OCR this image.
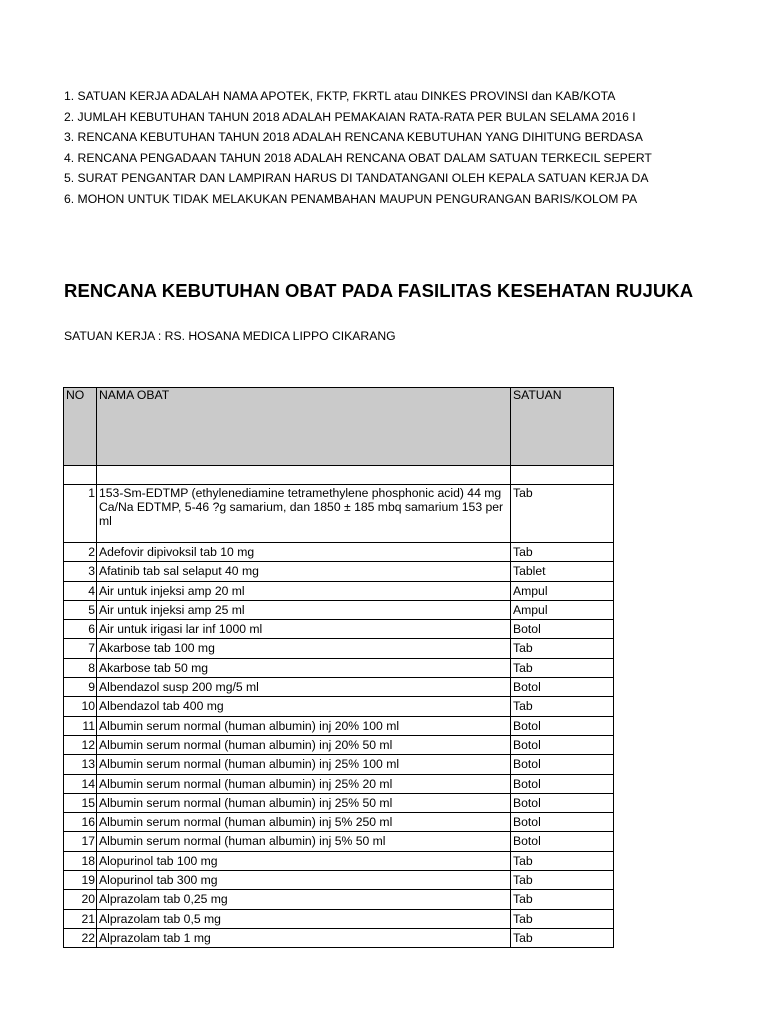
1. SATUAN KERJA ADALAH NAMA APOTEK, FKTP, FKRTL atau DINKES PROVINSI dan KAB/KOTA
2. JUMLAH KEBUTUHAN TAHUN 2018 ADALAH PEMAKAIAN RATA-RATA PER BULAN SELAMA 2016 I
3. RENCANA KEBUTUHAN TAHUN 2018 ADALAH RENCANA KEBUTUHAN YANG DIHITUNG BERDASA
4. RENCANA PENGADAAN TAHUN 2018 ADALAH RENCANA OBAT DALAM SATUAN TERKECIL SEPERT
5. SURAT PENGANTAR DAN LAMPIRAN HARUS DI TANDATANGANI OLEH KEPALA SATUAN KERJA DA
6. MOHON UNTUK TIDAK MELAKUKAN PENAMBAHAN MAUPUN PENGURANGAN BARIS/KOLOM PA
RENCANA KEBUTUHAN OBAT PADA FASILITAS KESEHATAN RUJUKA
SATUAN KERJA : RS. HOSANA MEDICA LIPPO CIKARANG
NO	NAMA OBAT	SATUAN

1	153-Sm-EDTMP (ethylenediamine tetramethylene phosphonic acid) 44 mg Ca/Na EDTMP, 5-46 ?g samarium, dan 1850 ± 185 mbq samarium 153 per ml	Tab
2	Adefovir dipivoksil tab 10 mg	Tab
3	Afatinib tab sal selaput 40 mg	Tablet
4	Air untuk injeksi amp 20 ml	Ampul
5	Air untuk injeksi amp 25 ml	Ampul
6	Air untuk irigasi lar inf 1000 ml	Botol
7	Akarbose tab 100 mg	Tab
8	Akarbose tab 50 mg	Tab
9	Albendazol susp 200 mg/5 ml	Botol
10	Albendazol tab 400 mg	Tab
11	Albumin serum normal (human albumin) inj 20% 100 ml	Botol
12	Albumin serum normal (human albumin) inj 20% 50 ml	Botol
13	Albumin serum normal (human albumin) inj 25% 100 ml	Botol
14	Albumin serum normal (human albumin) inj 25% 20 ml	Botol
15	Albumin serum normal (human albumin) inj 25% 50 ml	Botol
16	Albumin serum normal (human albumin) inj 5% 250 ml	Botol
17	Albumin serum normal (human albumin) inj 5% 50 ml	Botol
18	Alopurinol tab 100 mg	Tab
19	Alopurinol tab 300 mg	Tab
20	Alprazolam tab 0,25 mg	Tab
21	Alprazolam tab 0,5 mg	Tab
22	Alprazolam tab 1 mg	Tab
